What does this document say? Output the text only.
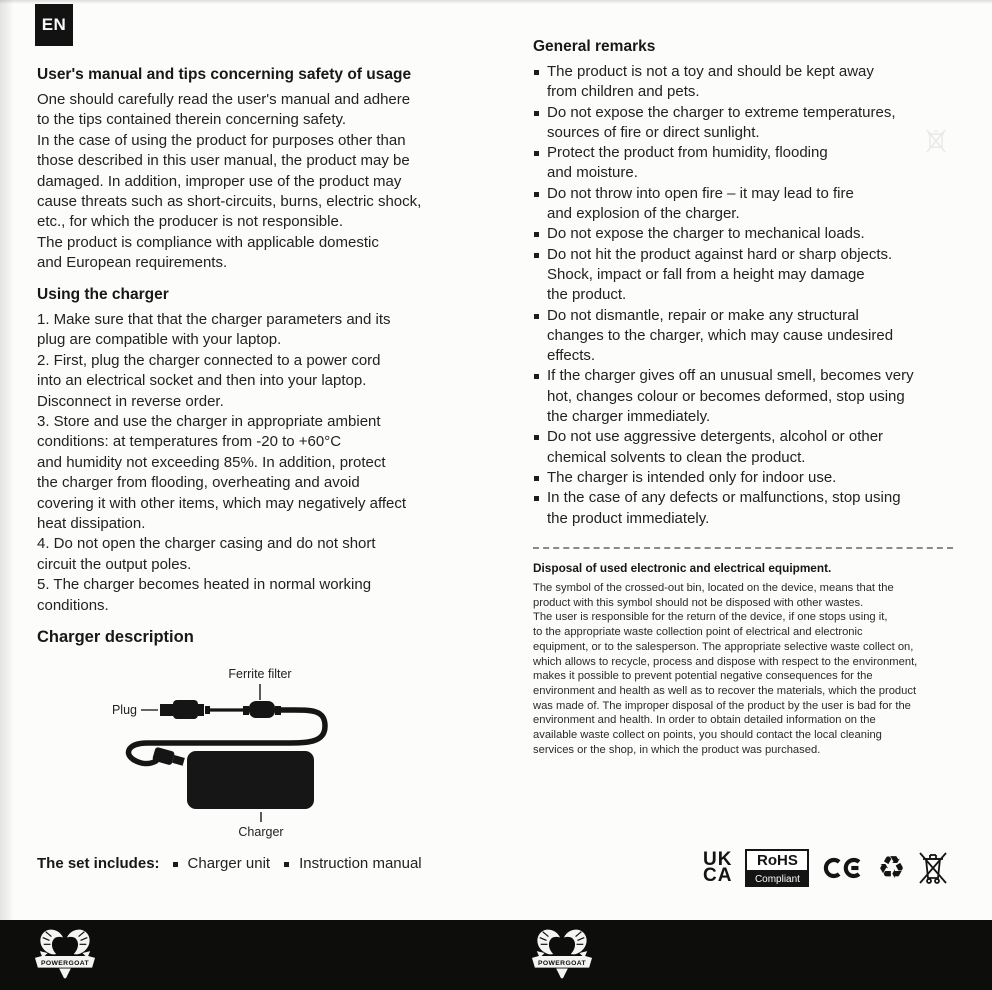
EN
User's manual and tips concerning safety of usage
One should carefully read the user's manual and adhere
to the tips contained therein concerning safety.
In the case of using the product for purposes other than
those described in this user manual, the product may be
damaged. In addition, improper use of the product may
cause threats such as short-circuits, burns, electric shock,
etc., for which the producer is not responsible.
The product is compliance with applicable domestic
and European requirements.
Using the charger
1. Make sure that that the charger parameters and its
plug are compatible with your laptop.
2. First, plug the charger connected to a power cord
into an electrical socket and then into your laptop.
Disconnect in reverse order.
3. Store and use the charger in appropriate ambient
conditions: at temperatures from -20 to +60°C
and humidity not exceeding 85%. In addition, protect
the charger from flooding, overheating and avoid
covering it with other items, which may negatively affect
heat dissipation.
4. Do not open the charger casing and do not short
circuit the output poles.
5. The charger becomes heated in normal working
conditions.
Charger description
Ferrite filter
Plug
Charger
The set includes: Charger unit Instruction manual
General remarks
The product is not a toy and should be kept away
from children and pets.
Do not expose the charger to extreme temperatures,
sources of fire or direct sunlight.
Protect the product from humidity, flooding
and moisture.
Do not throw into open fire – it may lead to fire
and explosion of the charger.
Do not expose the charger to mechanical loads.
Do not hit the product against hard or sharp objects.
Shock, impact or fall from a height may damage
the product.
Do not dismantle, repair or make any structural
changes to the charger, which may cause undesired
effects.
If the charger gives off an unusual smell, becomes very
hot, changes colour or becomes deformed, stop using
the charger immediately.
Do not use aggressive detergents, alcohol or other
chemical solvents to clean the product.
The charger is intended only for indoor use.
In the case of any defects or malfunctions, stop using
the product immediately.
Disposal of used electronic and electrical equipment.
The symbol of the crossed-out bin, located on the device, means that the
product with this symbol should not be disposed with other wastes.
The user is responsible for the return of the device, if one stops using it,
to the appropriate waste collection point of electrical and electronic
equipment, or to the salesperson. The appropriate selective waste collect on,
which allows to recycle, process and dispose with respect to the environment,
makes it possible to prevent potential negative consequences for the
environment and health as well as to recover the materials, which the product
was made of. The improper disposal of the product by the user is bad for the
environment and health. In order to obtain detailed information on the
available waste collect on points, you should contact the local cleaning
services or the shop, in which the product was purchased.
UK
CA
RoHS
Compliant	♻
POWERGOAT	POWERGOAT
